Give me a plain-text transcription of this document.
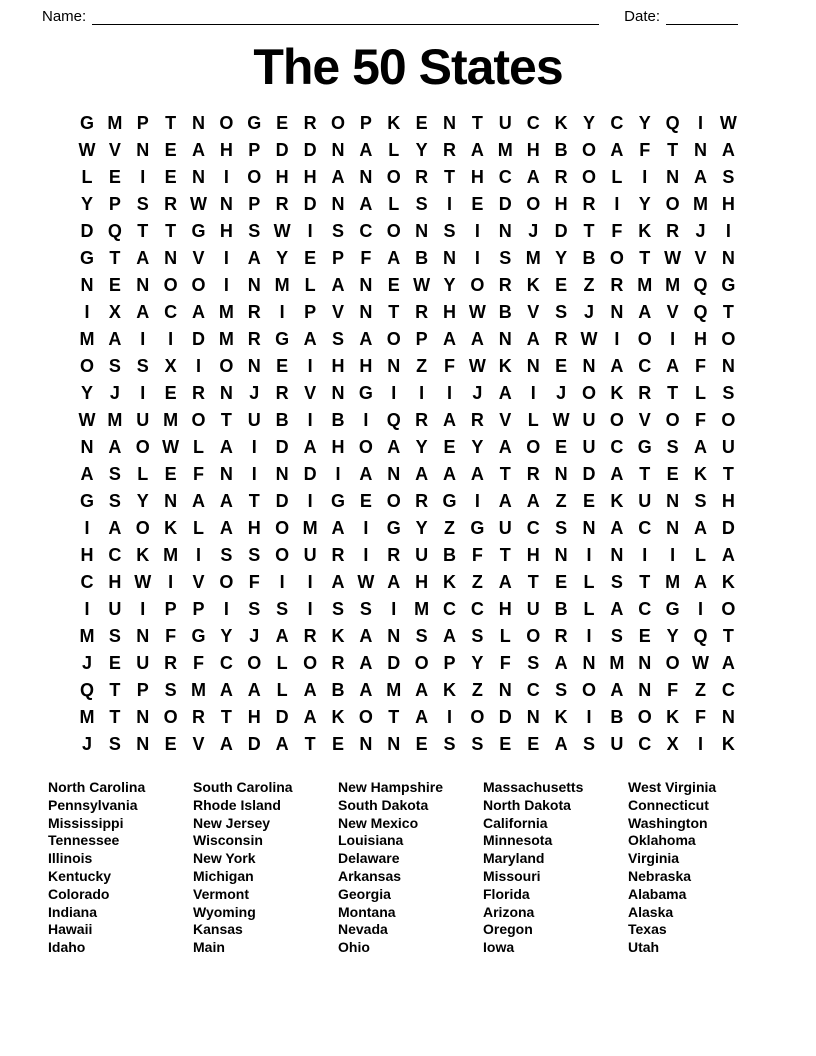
Name:	Date:
The 50 States
G M P T N O G E R O P K E N T U C K Y C Y Q	I W
W V N E A H P D D N A L Y R A M H B O A F T N A
L E	I	E N	I	O H H A N O R T H C A R O L	I	N A S
Y P S R W N P R D N A L S	I	E D O H R	I	Y O M H
D Q T T G H S W I	S C O N S	I	N J D T F K R J	I
G T A N V	I	A Y E P F A B N	I	S M Y B O T W V N
N E N O O	I	N M L A N E W Y O R K E Z R M M Q G
I	X A C A M R	I	P V N T R H W B V S J N A V Q T
M A	I	I	D M R G A S A O P A A N A R W I	O	I	H O
O S S X	I	O N E	I	H H N Z F W K N E N A C A F N
Y J	I	E R N J R V N G	I	I	I	J A	I	J O K R T L S
W M U M O T U B	I	B	I	Q R A R V L W U O V O F O
N A O W L A	I	D A H O A Y E Y A O E U C G S A U
A S L E F N	I	N D	I	A N A A A T R N D A T E K T
G S Y N A A T D	I	G E O R G	I	A A Z E K U N S H
I	A O K L A H O M A	I	G Y Z G U C S N A C N A D
H C K M I	S S O U R	I	R U B F T H N	I	N	I	I	L A
C H W I	V O F	I	I	A W A H K Z A T E L S T M A K
I	U	I	P P	I	S S	I	S S	I M C C H U B L A C G	I	O
M S N F G Y J A R K A N S A S L O R	I	S E Y Q T
J E U R F C O L O R A D O P Y F S A N M N O W A
Q T P S M A A L A B A M A K Z N C S O A N F Z C
M T N O R T H D A K O T A	I	O D N K	I	B O K F N
J S N E V A D A T E N N E S S E E A S U C X	I	K
North Carolina
Pennsylvania
Mississippi
Tennessee
Illinois
Kentucky
Colorado
Indiana
Hawaii
Idaho
South Carolina
Rhode Island
New Jersey
Wisconsin
New York
Michigan
Vermont
Wyoming
Kansas
Main
New Hampshire
South Dakota
New Mexico
Louisiana
Delaware
Arkansas
Georgia
Montana
Nevada
Ohio
Massachusetts
North Dakota
California
Minnesota
Maryland
Missouri
Florida
Arizona
Oregon
Iowa
West Virginia
Connecticut
Washington
Oklahoma
Virginia
Nebraska
Alabama
Alaska
Texas
Utah
